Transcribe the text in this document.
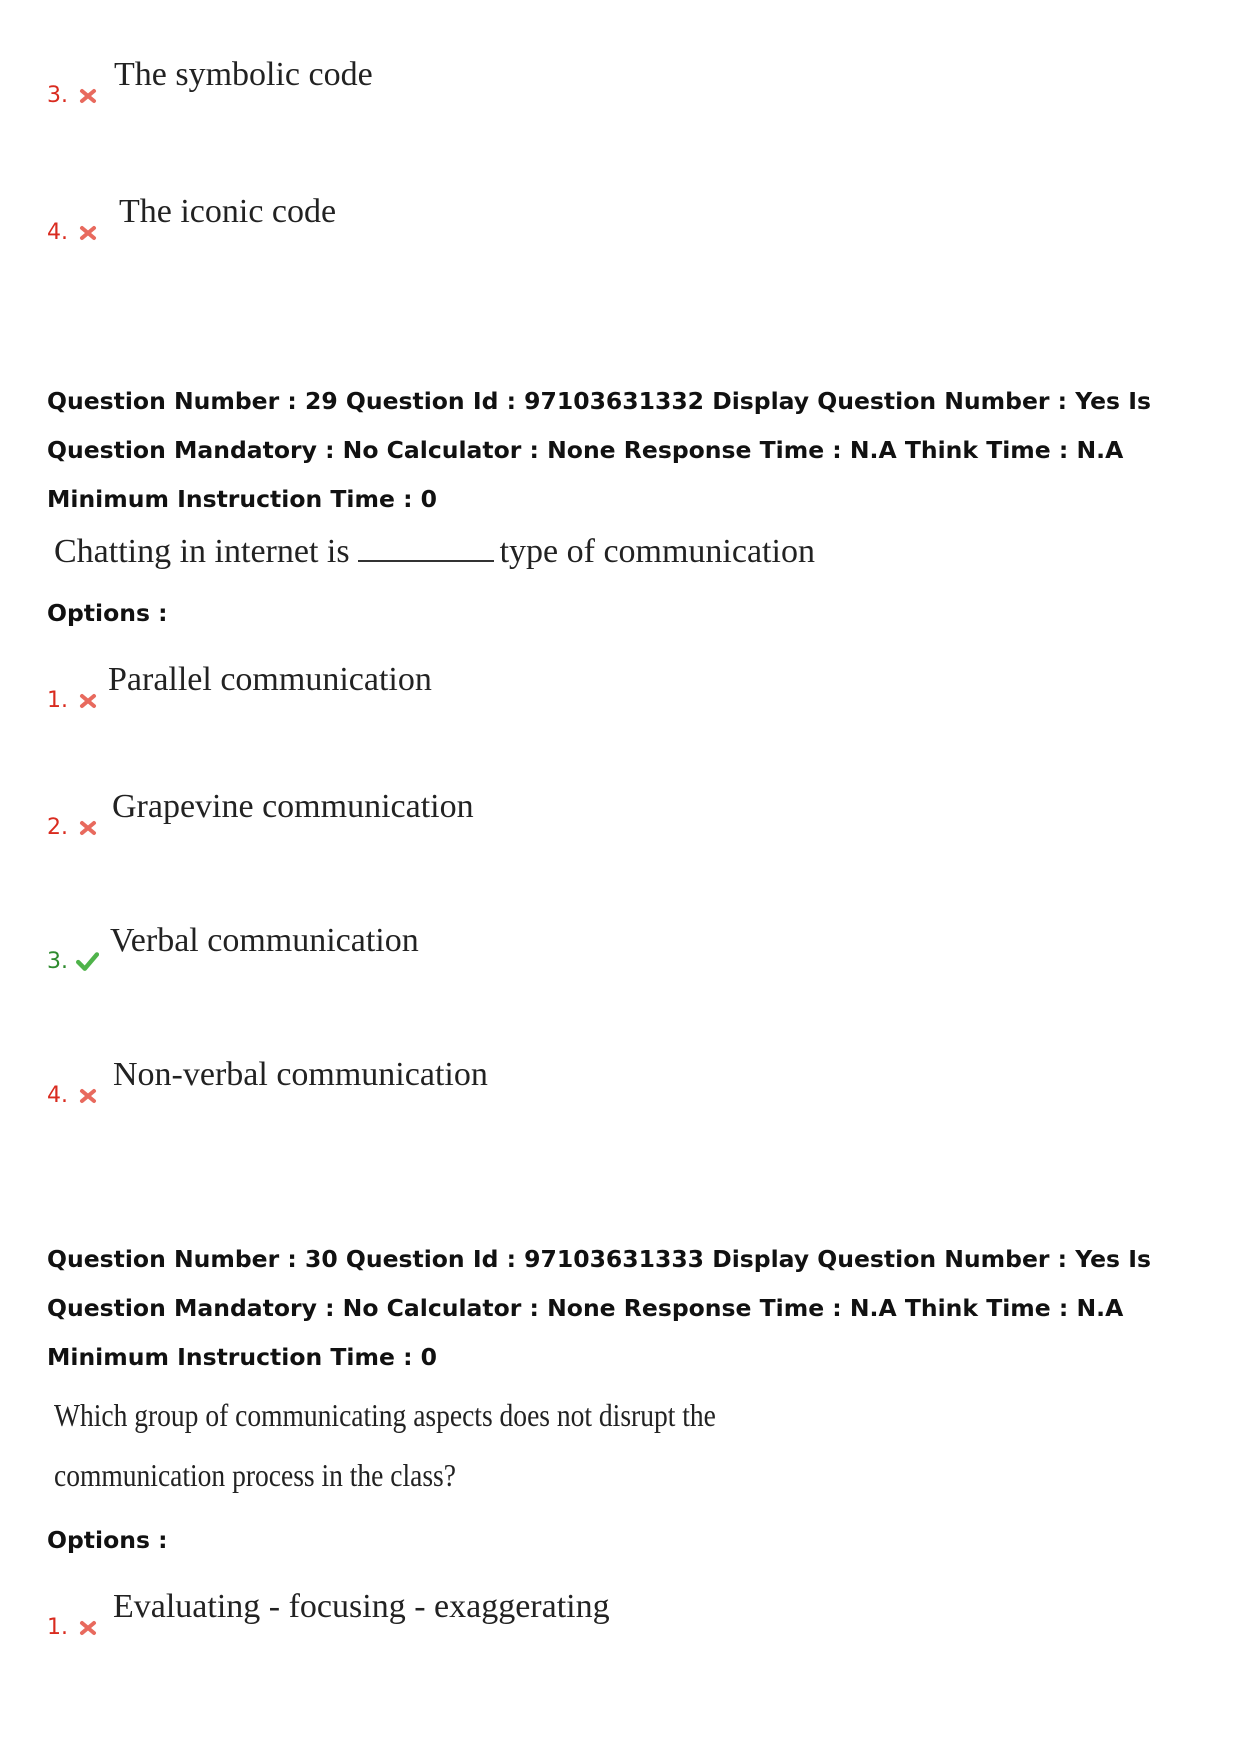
3.
The symbolic code
4.
The iconic code

Question Number : 29 Question Id : 97103631332 Display Question Number : Yes Is Question Mandatory : No Calculator : None Response Time : N.A Think Time : N.A Minimum Instruction Time : 0

Chatting in internet is	type of communication
Options :
1.
Parallel communication
2.
Grapevine communication
3.
Verbal communication
4.
Non-verbal communication

Question Number : 30 Question Id : 97103631333 Display Question Number : Yes Is Question Mandatory : No Calculator : None Response Time : N.A Think Time : N.A Minimum Instruction Time : 0

Which group of communicating aspects does not disrupt the communication process in the class?
Options :
1.
Evaluating - focusing - exaggerating
